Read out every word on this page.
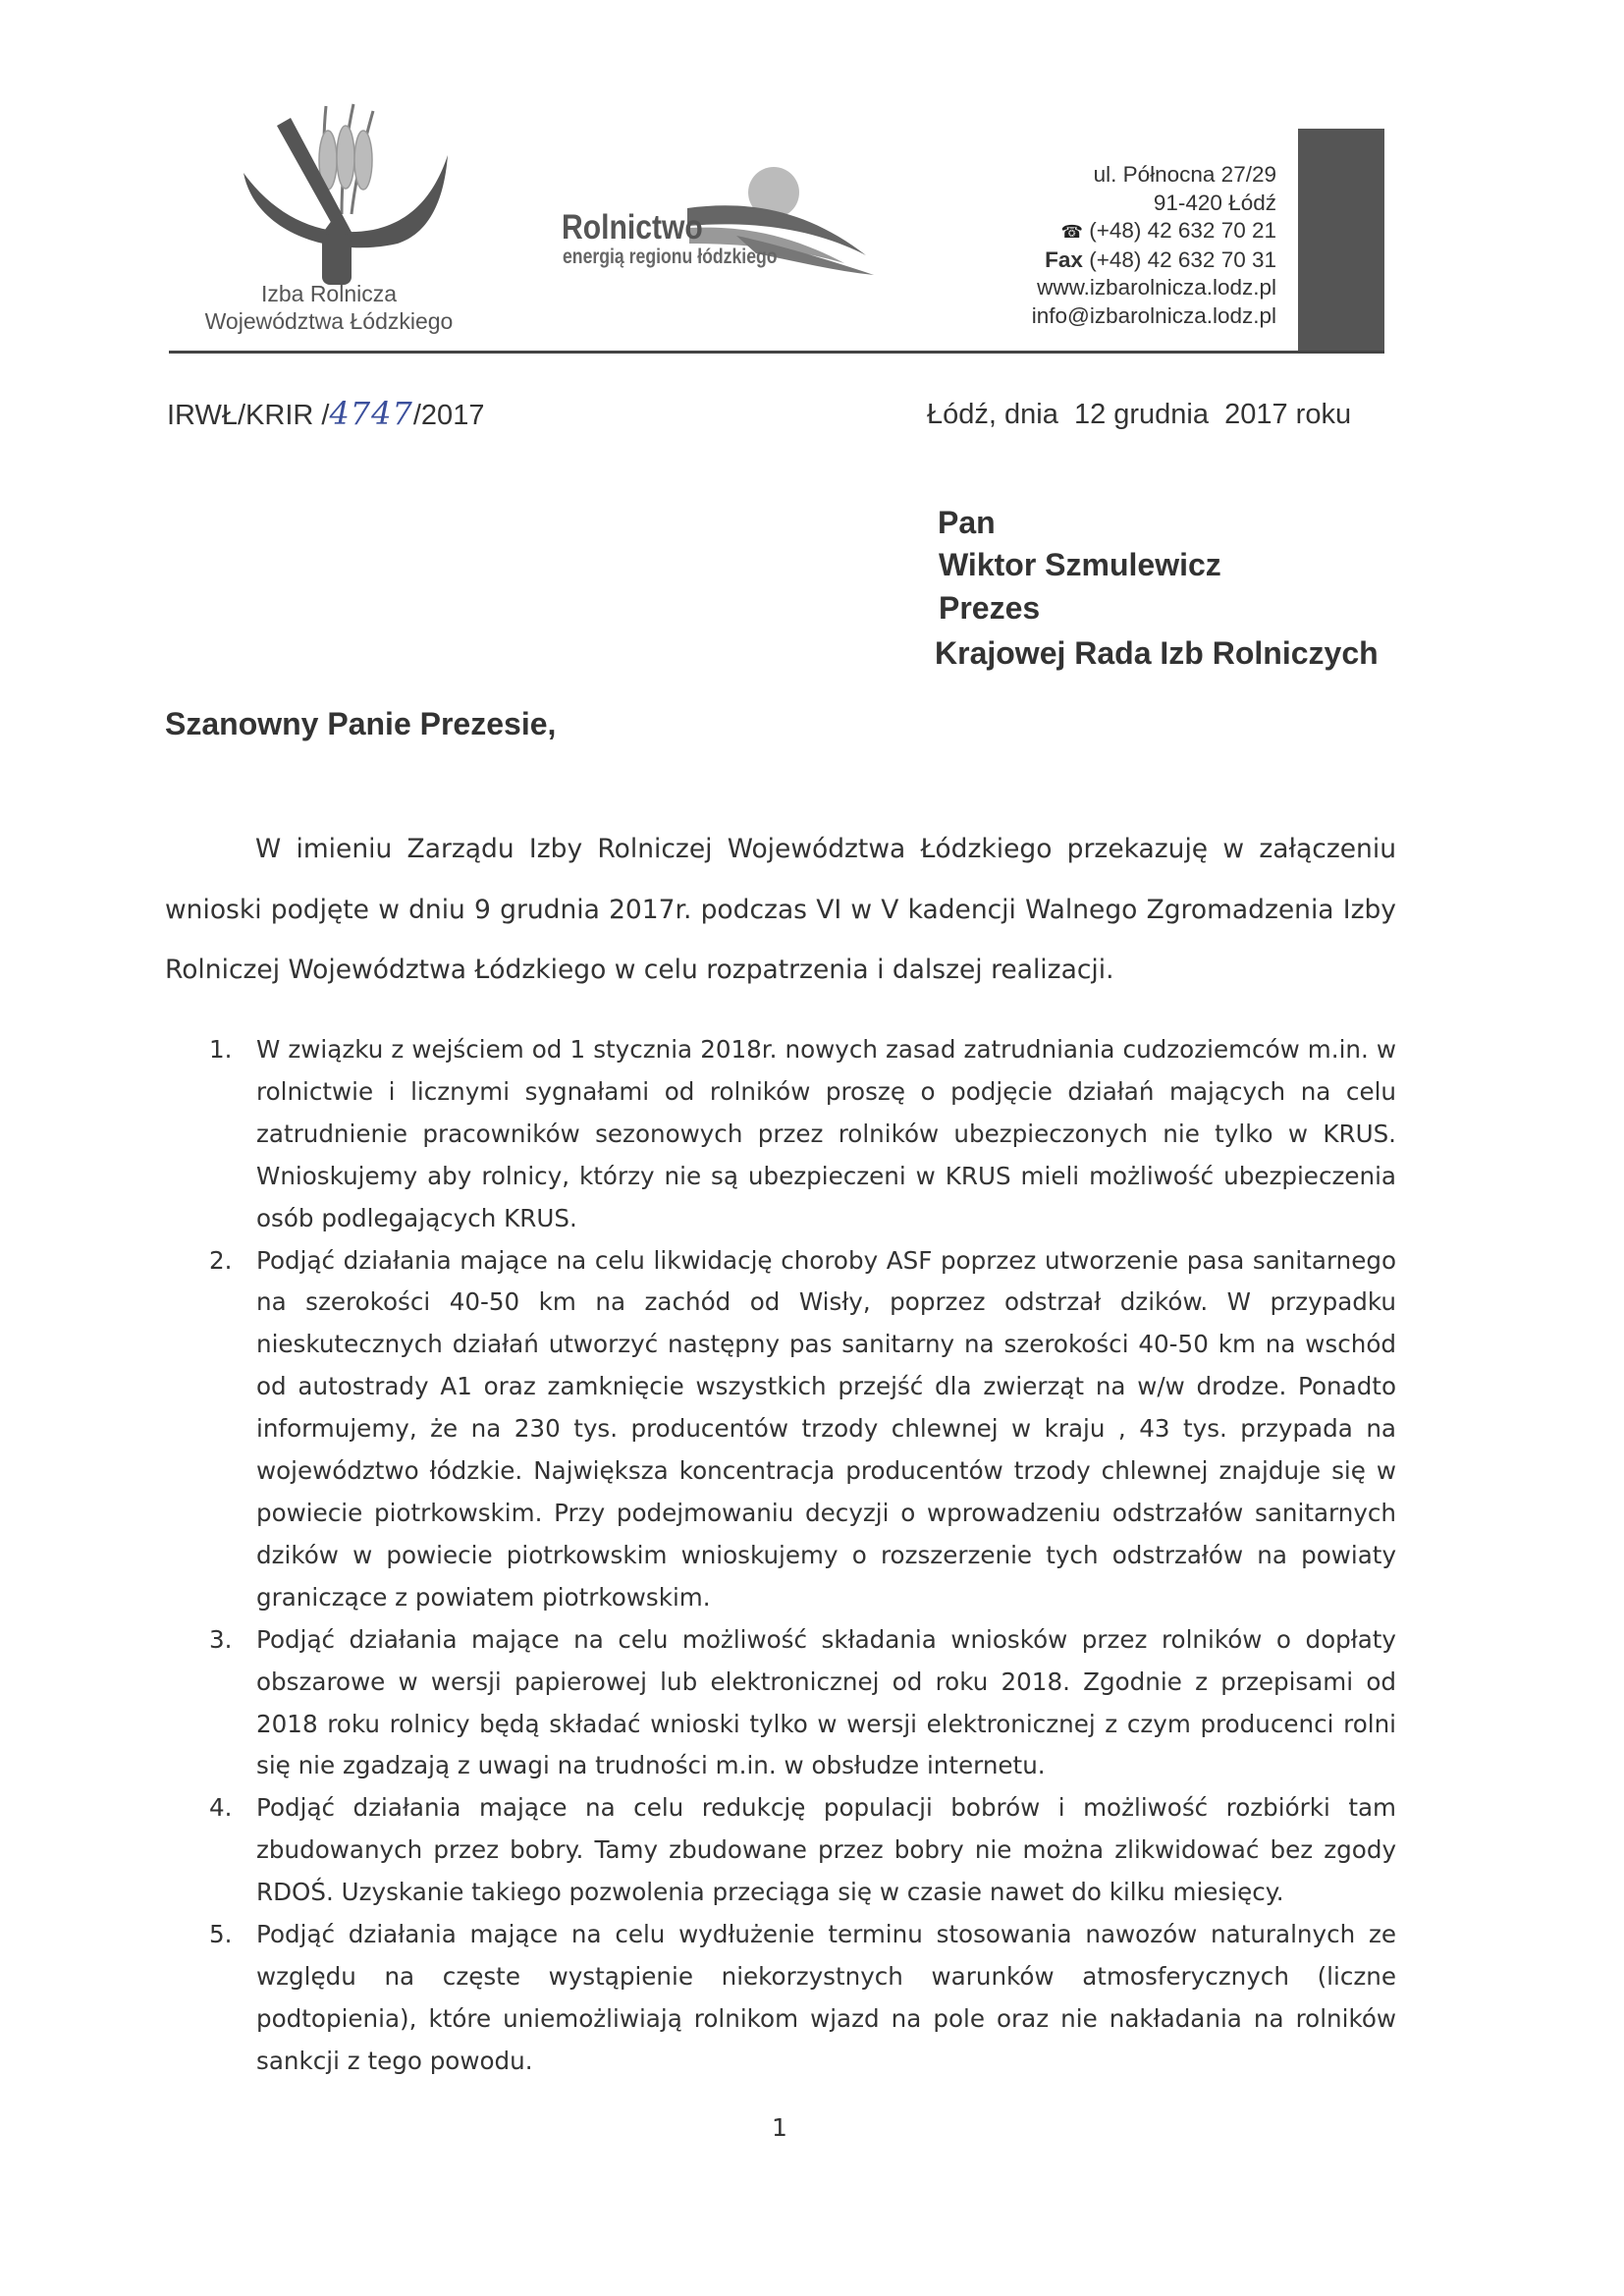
Izba Rolnicza
Województwa Łódzkiego
Rolnictwo
energią regionu łódzkiego
ul. Północna 27/29
91-420 Łódź
☎ (+48) 42 632 70 21
Fax (+48) 42 632 70 31
www.izbarolnicza.lodz.pl
info@izbarolnicza.lodz.pl
IRWŁ/KRIR /4747/2017	Łódź, dnia  12 grudnia  2017 roku
Pan
Wiktor Szmulewicz
Prezes
Krajowej Rada Izb Rolniczych
Szanowny Panie Prezesie,
W imieniu Zarządu Izby Rolniczej Województwa Łódzkiego przekazuję w załączeniu wnioski podjęte w dniu 9 grudnia 2017r. podczas VI w V kadencji Walnego Zgromadzenia Izby Rolniczej Województwa Łódzkiego w celu rozpatrzenia i dalszej realizacji.
1. W związku z wejściem od 1 stycznia 2018r. nowych zasad zatrudniania cudzoziemców m.in. w rolnictwie i licznymi sygnałami od rolników proszę o podjęcie działań mających na celu zatrudnienie pracowników sezonowych przez rolników ubezpieczonych nie tylko w KRUS. Wnioskujemy aby rolnicy, którzy nie są ubezpieczeni w KRUS mieli możliwość ubezpieczenia osób podlegających KRUS.
2. Podjąć działania mające na celu likwidację choroby ASF poprzez utworzenie pasa sanitarnego na szerokości 40-50 km na zachód od Wisły, poprzez odstrzał dzików. W przypadku nieskutecznych działań utworzyć następny pas sanitarny na szerokości 40-50 km na wschód od autostrady A1 oraz zamknięcie wszystkich przejść dla zwierząt na w/w drodze. Ponadto informujemy, że na 230 tys. producentów trzody chlewnej w kraju , 43 tys. przypada na województwo łódzkie. Największa koncentracja producentów trzody chlewnej znajduje się w powiecie piotrkowskim. Przy podejmowaniu decyzji o wprowadzeniu odstrzałów sanitarnych dzików w powiecie piotrkowskim wnioskujemy o rozszerzenie tych odstrzałów na powiaty graniczące z powiatem piotrkowskim.
3. Podjąć działania mające na celu możliwość składania wniosków przez rolników o dopłaty obszarowe w wersji papierowej lub elektronicznej od roku 2018. Zgodnie z przepisami od 2018 roku rolnicy będą składać wnioski tylko w wersji elektronicznej z czym producenci rolni się nie zgadzają z uwagi na trudności m.in. w obsłudze internetu.
4. Podjąć działania mające na celu redukcję populacji bobrów i możliwość rozbiórki tam zbudowanych przez bobry. Tamy zbudowane przez bobry nie można zlikwidować bez zgody RDOŚ. Uzyskanie takiego pozwolenia przeciąga się w czasie nawet do kilku miesięcy.
5. Podjąć działania mające na celu wydłużenie terminu stosowania nawozów naturalnych ze względu na częste wystąpienie niekorzystnych warunków atmosferycznych (liczne podtopienia), które uniemożliwiają rolnikom wjazd na pole oraz nie nakładania na rolników sankcji z tego powodu.
1
